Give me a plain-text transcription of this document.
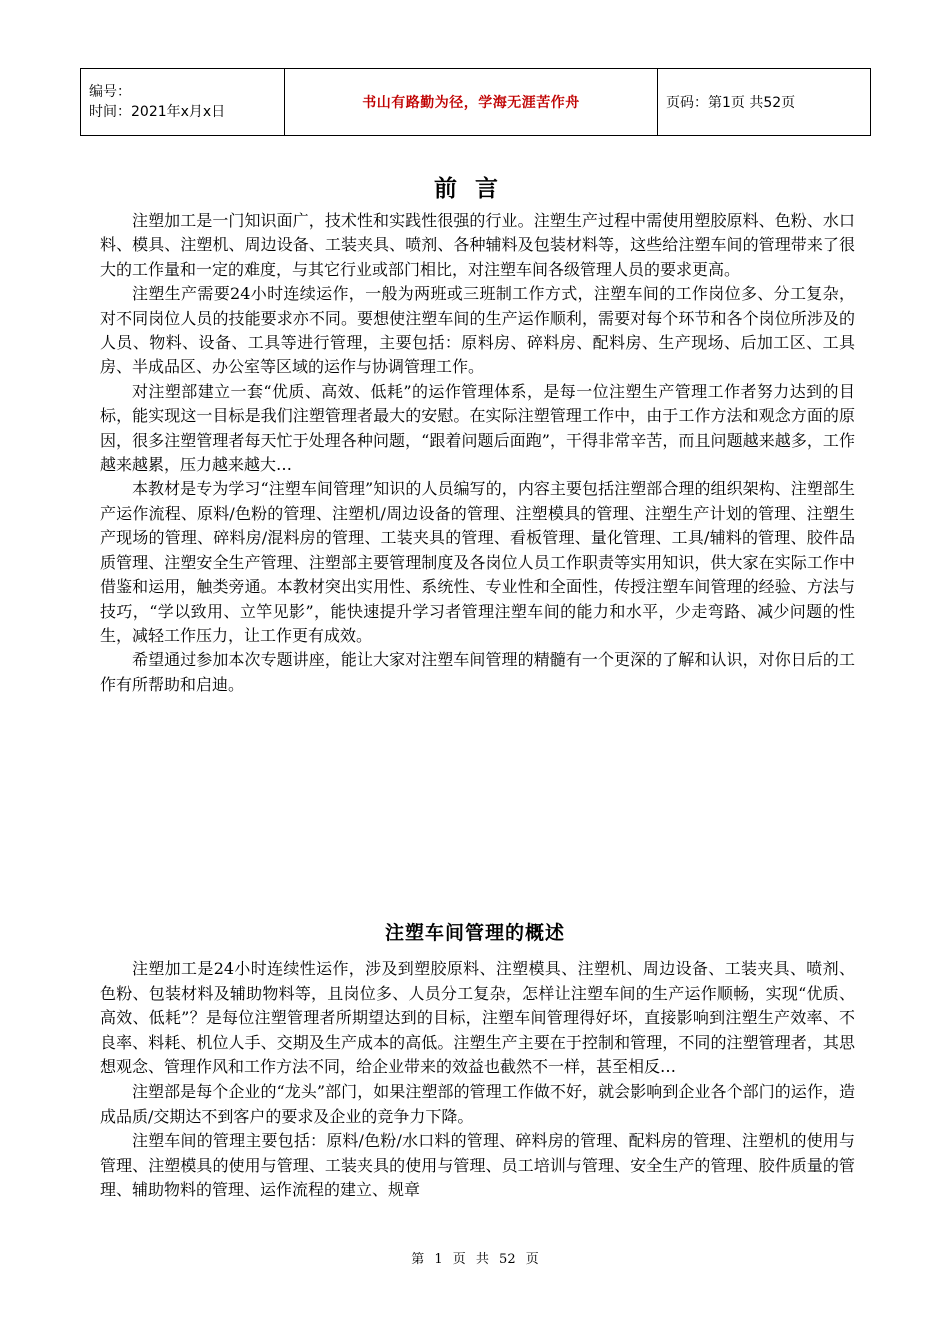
编号：
时间：2021年x月x日
	书山有路勤为径，学海无涯苦作舟	页码：第1页 共52页
前言

注塑加工是一门知识面广，技术性和实践性很强的行业。注塑生产过程中需使用塑胶原料、色粉、水口料、模具、注塑机、周边设备、工装夹具、喷剂、各种辅料及包装材料等，这些给注塑车间的管理带来了很大的工作量和一定的难度，与其它行业或部门相比，对注塑车间各级管理人员的要求更高。

注塑生产需要24小时连续运作，一般为两班或三班制工作方式，注塑车间的工作岗位多、分工复杂，对不同岗位人员的技能要求亦不同。要想使注塑车间的生产运作顺利，需要对每个环节和各个岗位所涉及的人员、物料、设备、工具等进行管理，主要包括：原料房、碎料房、配料房、生产现场、后加工区、工具房、半成品区、办公室等区域的运作与协调管理工作。

对注塑部建立一套“优质、高效、低耗”的运作管理体系，是每一位注塑生产管理工作者努力达到的目标，能实现这一目标是我们注塑管理者最大的安慰。在实际注塑管理工作中，由于工作方法和观念方面的原因，很多注塑管理者每天忙于处理各种问题，“跟着问题后面跑”，干得非常辛苦，而且问题越来越多，工作越来越累，压力越来越大…

本教材是专为学习“注塑车间管理”知识的人员编写的，内容主要包括注塑部合理的组织架构、注塑部生产运作流程、原料/色粉的管理、注塑机/周边设备的管理、注塑模具的管理、注塑生产计划的管理、注塑生产现场的管理、碎料房/混料房的管理、工装夹具的管理、看板管理、量化管理、工具/辅料的管理、胶件品质管理、注塑安全生产管理、注塑部主要管理制度及各岗位人员工作职责等实用知识，供大家在实际工作中借鉴和运用，触类旁通。本教材突出实用性、系统性、专业性和全面性，传授注塑车间管理的经验、方法与技巧，“学以致用、立竿见影”，能快速提升学习者管理注塑车间的能力和水平，少走弯路、减少问题的性生，减轻工作压力，让工作更有成效。

希望通过参加本次专题讲座，能让大家对注塑车间管理的精髓有一个更深的了解和认识，对你日后的工作有所帮助和启迪。

注塑车间管理的概述

注塑加工是24小时连续性运作，涉及到塑胶原料、注塑模具、注塑机、周边设备、工装夹具、喷剂、色粉、包装材料及辅助物料等，且岗位多、人员分工复杂，怎样让注塑车间的生产运作顺畅，实现“优质、高效、低耗”？是每位注塑管理者所期望达到的目标，注塑车间管理得好坏，直接影响到注塑生产效率、不良率、料耗、机位人手、交期及生产成本的高低。注塑生产主要在于控制和管理，不同的注塑管理者，其思想观念、管理作风和工作方法不同，给企业带来的效益也截然不一样，甚至相反…

注塑部是每个企业的“龙头”部门，如果注塑部的管理工作做不好，就会影响到企业各个部门的运作，造成品质/交期达不到客户的要求及企业的竞争力下降。

注塑车间的管理主要包括：原料/色粉/水口料的管理、碎料房的管理、配料房的管理、注塑机的使用与管理、注塑模具的使用与管理、工装夹具的使用与管理、员工培训与管理、安全生产的管理、胶件质量的管理、辅助物料的管理、运作流程的建立、规章

第 1 页 共 52 页
